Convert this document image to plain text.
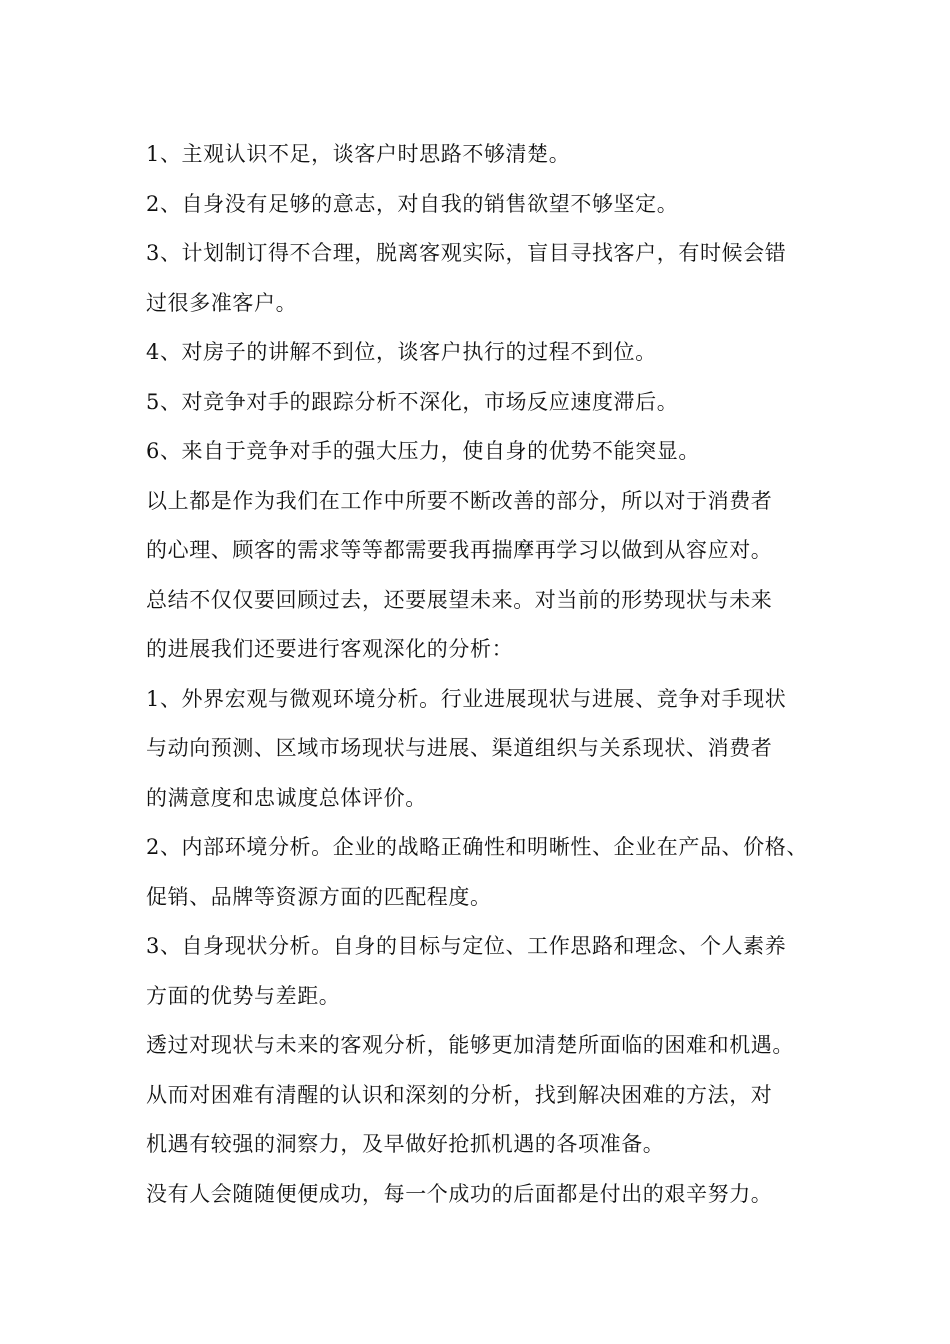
1、主观认识不足，谈客户时思路不够清楚。
2、自身没有足够的意志，对自我的销售欲望不够坚定。
3、计划制订得不合理，脱离客观实际，盲目寻找客户，有时候会错
过很多准客户。
4、对房子的讲解不到位，谈客户执行的过程不到位。
5、对竞争对手的跟踪分析不深化，市场反应速度滞后。
6、来自于竞争对手的强大压力，使自身的优势不能突显。
以上都是作为我们在工作中所要不断改善的部分，所以对于消费者
的心理、顾客的需求等等都需要我再揣摩再学习以做到从容应对。
总结不仅仅要回顾过去，还要展望未来。对当前的形势现状与未来
的进展我们还要进行客观深化的分析：
1、外界宏观与微观环境分析。行业进展现状与进展、竞争对手现状
与动向预测、区域市场现状与进展、渠道组织与关系现状、消费者
的满意度和忠诚度总体评价。
2、内部环境分析。企业的战略正确性和明晰性、企业在产品、价格、
促销、品牌等资源方面的匹配程度。
3、自身现状分析。自身的目标与定位、工作思路和理念、个人素养
方面的优势与差距。
透过对现状与未来的客观分析，能够更加清楚所面临的困难和机遇。
从而对困难有清醒的认识和深刻的分析，找到解决困难的方法，对
机遇有较强的洞察力，及早做好抢抓机遇的各项准备。
没有人会随随便便成功，每一个成功的后面都是付出的艰辛努力。
